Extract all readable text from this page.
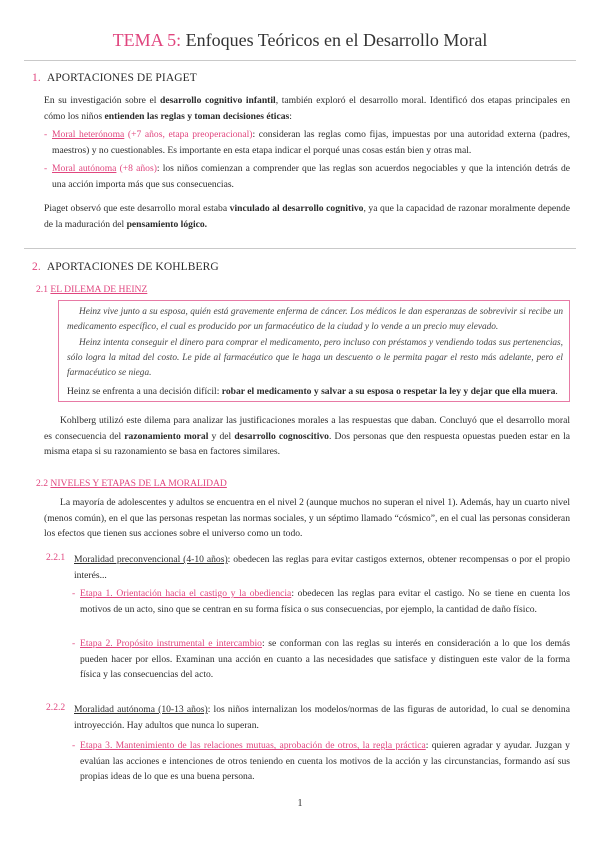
TEMA 5: Enfoques Teóricos en el Desarrollo Moral
1. APORTACIONES DE PIAGET

En su investigación sobre el desarrollo cognitivo infantil, también exploró el desarrollo moral. Identificó dos etapas principales en cómo los niños entienden las reglas y toman decisiones éticas:

- Moral heterónoma (+7 años, etapa preoperacional): consideran las reglas como fijas, impuestas por una autoridad externa (padres, maestros) y no cuestionables. Es importante en esta etapa indicar el porqué unas cosas están bien y otras mal.

- Moral autónoma (+8 años): los niños comienzan a comprender que las reglas son acuerdos negociables y que la intención detrás de una acción importa más que sus consecuencias.

Piaget observó que este desarrollo moral estaba vinculado al desarrollo cognitivo, ya que la capacidad de razonar moralmente depende de la maduración del pensamiento lógico.

2. APORTACIONES DE KOHLBERG
2.1 EL DILEMA DE HEINZ

Heinz vive junto a su esposa, quién está gravemente enferma de cáncer. Los médicos le dan esperanzas de sobrevivir si recibe un medicamento específico, el cual es producido por un farmacéutico de la ciudad y lo vende a un precio muy elevado.

Heinz intenta conseguir el dinero para comprar el medicamento, pero incluso con préstamos y vendiendo todas sus pertenencias, sólo logra la mitad del costo. Le pide al farmacéutico que le haga un descuento o le permita pagar el resto más adelante, pero el farmacéutico se niega.

Heinz se enfrenta a una decisión difícil: robar el medicamento y salvar a su esposa o respetar la ley y dejar que ella muera.

Kohlberg utilizó este dilema para analizar las justificaciones morales a las respuestas que daban. Concluyó que el desarrollo moral es consecuencia del razonamiento moral y del desarrollo cognoscitivo. Dos personas que den respuesta opuestas pueden estar en la misma etapa si su razonamiento se basa en factores similares.

2.2 NIVELES Y ETAPAS DE LA MORALIDAD

La mayoría de adolescentes y adultos se encuentra en el nivel 2 (aunque muchos no superan el nivel 1). Además, hay un cuarto nivel (menos común), en el que las personas respetan las normas sociales, y un séptimo llamado “cósmico”, en el cual las personas consideran los efectos que tienen sus acciones sobre el universo como un todo.

2.2.1 Moralidad preconvencional (4-10 años): obedecen las reglas para evitar castigos externos, obtener recompensas o por el propio interés...

- Etapa 1. Orientación hacia el castigo y la obediencia: obedecen las reglas para evitar el castigo. No se tiene en cuenta los motivos de un acto, sino que se centran en su forma física o sus consecuencias, por ejemplo, la cantidad de daño físico.

- Etapa 2. Propósito instrumental e intercambio: se conforman con las reglas su interés en consideración a lo que los demás pueden hacer por ellos. Examinan una acción en cuanto a las necesidades que satisface y distinguen este valor de la forma física y las consecuencias del acto.

2.2.2 Moralidad autónoma (10-13 años): los niños internalizan los modelos/normas de las figuras de autoridad, lo cual se denomina introyección. Hay adultos que nunca lo superan.

- Etapa 3. Mantenimiento de las relaciones mutuas, aprobación de otros, la regla práctica: quieren agradar y ayudar. Juzgan y evalúan las acciones e intenciones de otros teniendo en cuenta los motivos de la acción y las circunstancias, formando así sus propias ideas de lo que es una buena persona.

1
